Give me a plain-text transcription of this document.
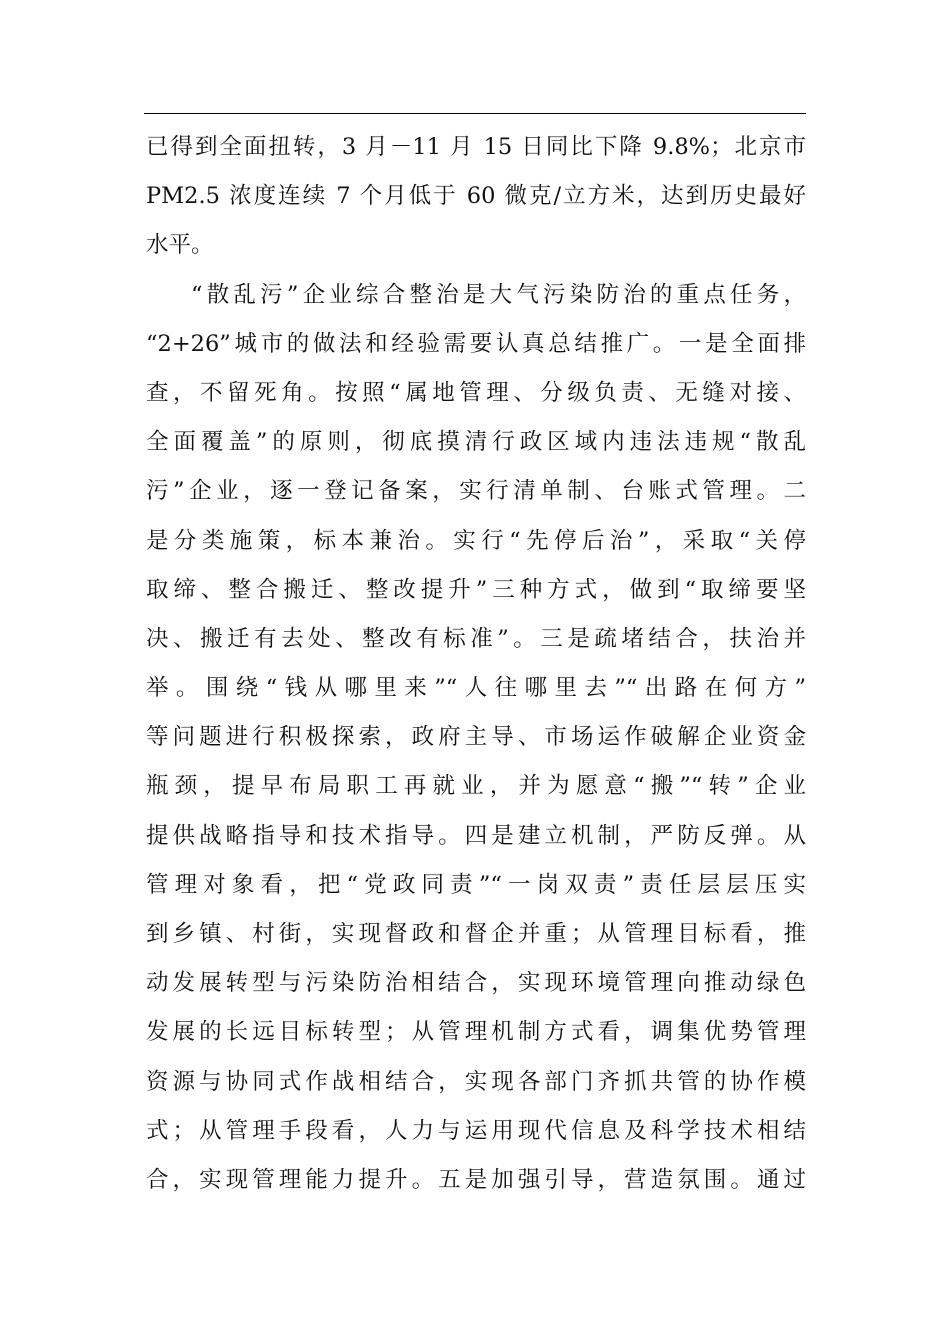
已得到全面扭转，3 月－11 月 15 日同比下降 9.8%；北京市
PM2.5 浓度连续 7 个月低于 60 微克/立方米，达到历史最好
水平。
“散乱污”企业综合整治是大气污染防治的重点任务，
“2+26”城市的做法和经验需要认真总结推广。一是全面排
查，不留死角。按照“属地管理、分级负责、无缝对接、
全面覆盖”的原则，彻底摸清行政区域内违法违规“散乱
污”企业，逐一登记备案，实行清单制、台账式管理。二
是分类施策，标本兼治。实行“先停后治”，采取“关停
取缔、整合搬迁、整改提升”三种方式，做到“取缔要坚
决、搬迁有去处、整改有标准”。三是疏堵结合，扶治并
举。围绕“钱从哪里来”“人往哪里去”“出路在何方”
等问题进行积极探索，政府主导、市场运作破解企业资金
瓶颈，提早布局职工再就业，并为愿意“搬”“转”企业
提供战略指导和技术指导。四是建立机制，严防反弹。从
管理对象看，把“党政同责”“一岗双责”责任层层压实
到乡镇、村街，实现督政和督企并重；从管理目标看，推
动发展转型与污染防治相结合，实现环境管理向推动绿色
发展的长远目标转型；从管理机制方式看，调集优势管理
资源与协同式作战相结合，实现各部门齐抓共管的协作模
式；从管理手段看，人力与运用现代信息及科学技术相结
合，实现管理能力提升。五是加强引导，营造氛围。通过
